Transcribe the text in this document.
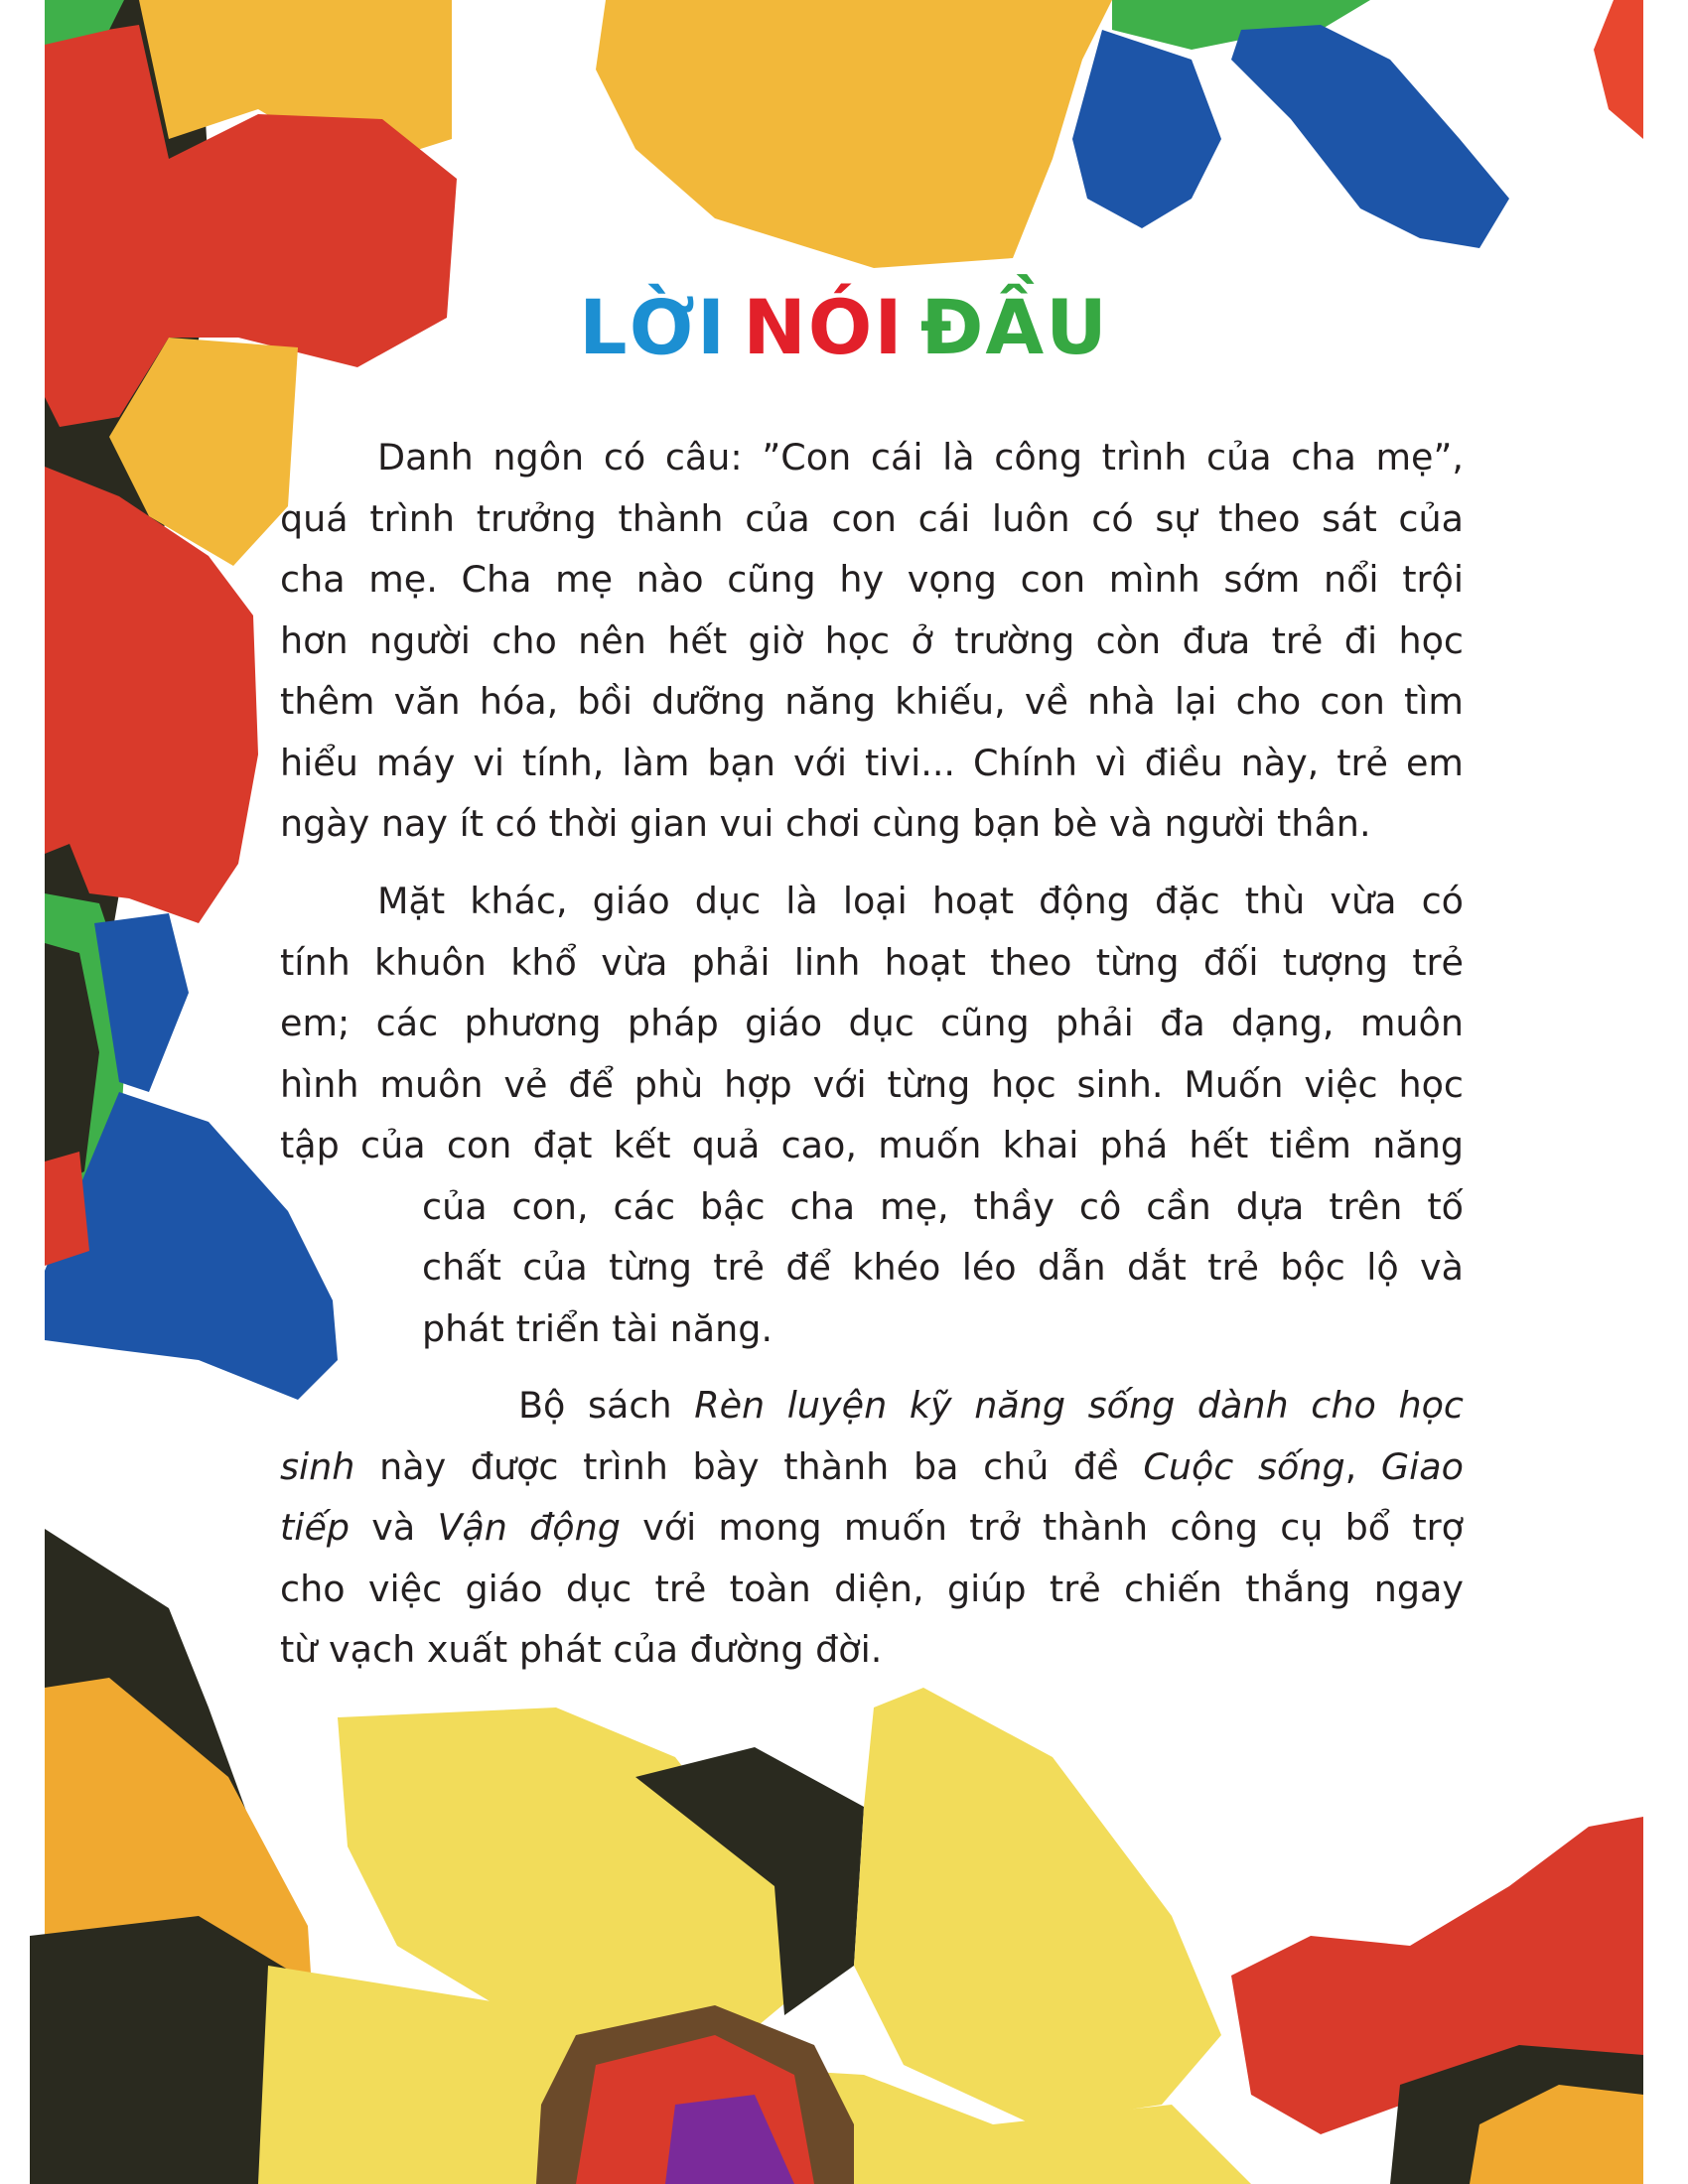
LỜI NÓI ĐẦU
Danh ngôn có câu: ”Con cái là công trình của cha mẹ”,
quá trình trưởng thành của con cái luôn có sự theo sát của
cha mẹ. Cha mẹ nào cũng hy vọng con mình sớm nổi trội
hơn người cho nên hết giờ học ở trường còn đưa trẻ đi học
thêm văn hóa, bồi dưỡng năng khiếu, về nhà lại cho con tìm
hiểu máy vi tính, làm bạn với tivi... Chính vì điều này, trẻ em
ngày nay ít có thời gian vui chơi cùng bạn bè và người thân.
Mặt khác, giáo dục là loại hoạt động đặc thù vừa có
tính khuôn khổ vừa phải linh hoạt theo từng đối tượng trẻ
em; các phương pháp giáo dục cũng phải đa dạng, muôn
hình muôn vẻ để phù hợp với từng học sinh. Muốn việc học
tập của con đạt kết quả cao, muốn khai phá hết tiềm năng
của con, các bậc cha mẹ, thầy cô cần dựa trên tố
chất của từng trẻ để khéo léo dẫn dắt trẻ bộc lộ và
phát triển tài năng.
Bộ sách Rèn luyện kỹ năng sống dành cho học
sinh này được trình bày thành ba chủ đề Cuộc sống, Giao
tiếp và Vận động với mong muốn trở thành công cụ bổ trợ
cho việc giáo dục trẻ toàn diện, giúp trẻ chiến thắng ngay
từ vạch xuất phát của đường đời.
